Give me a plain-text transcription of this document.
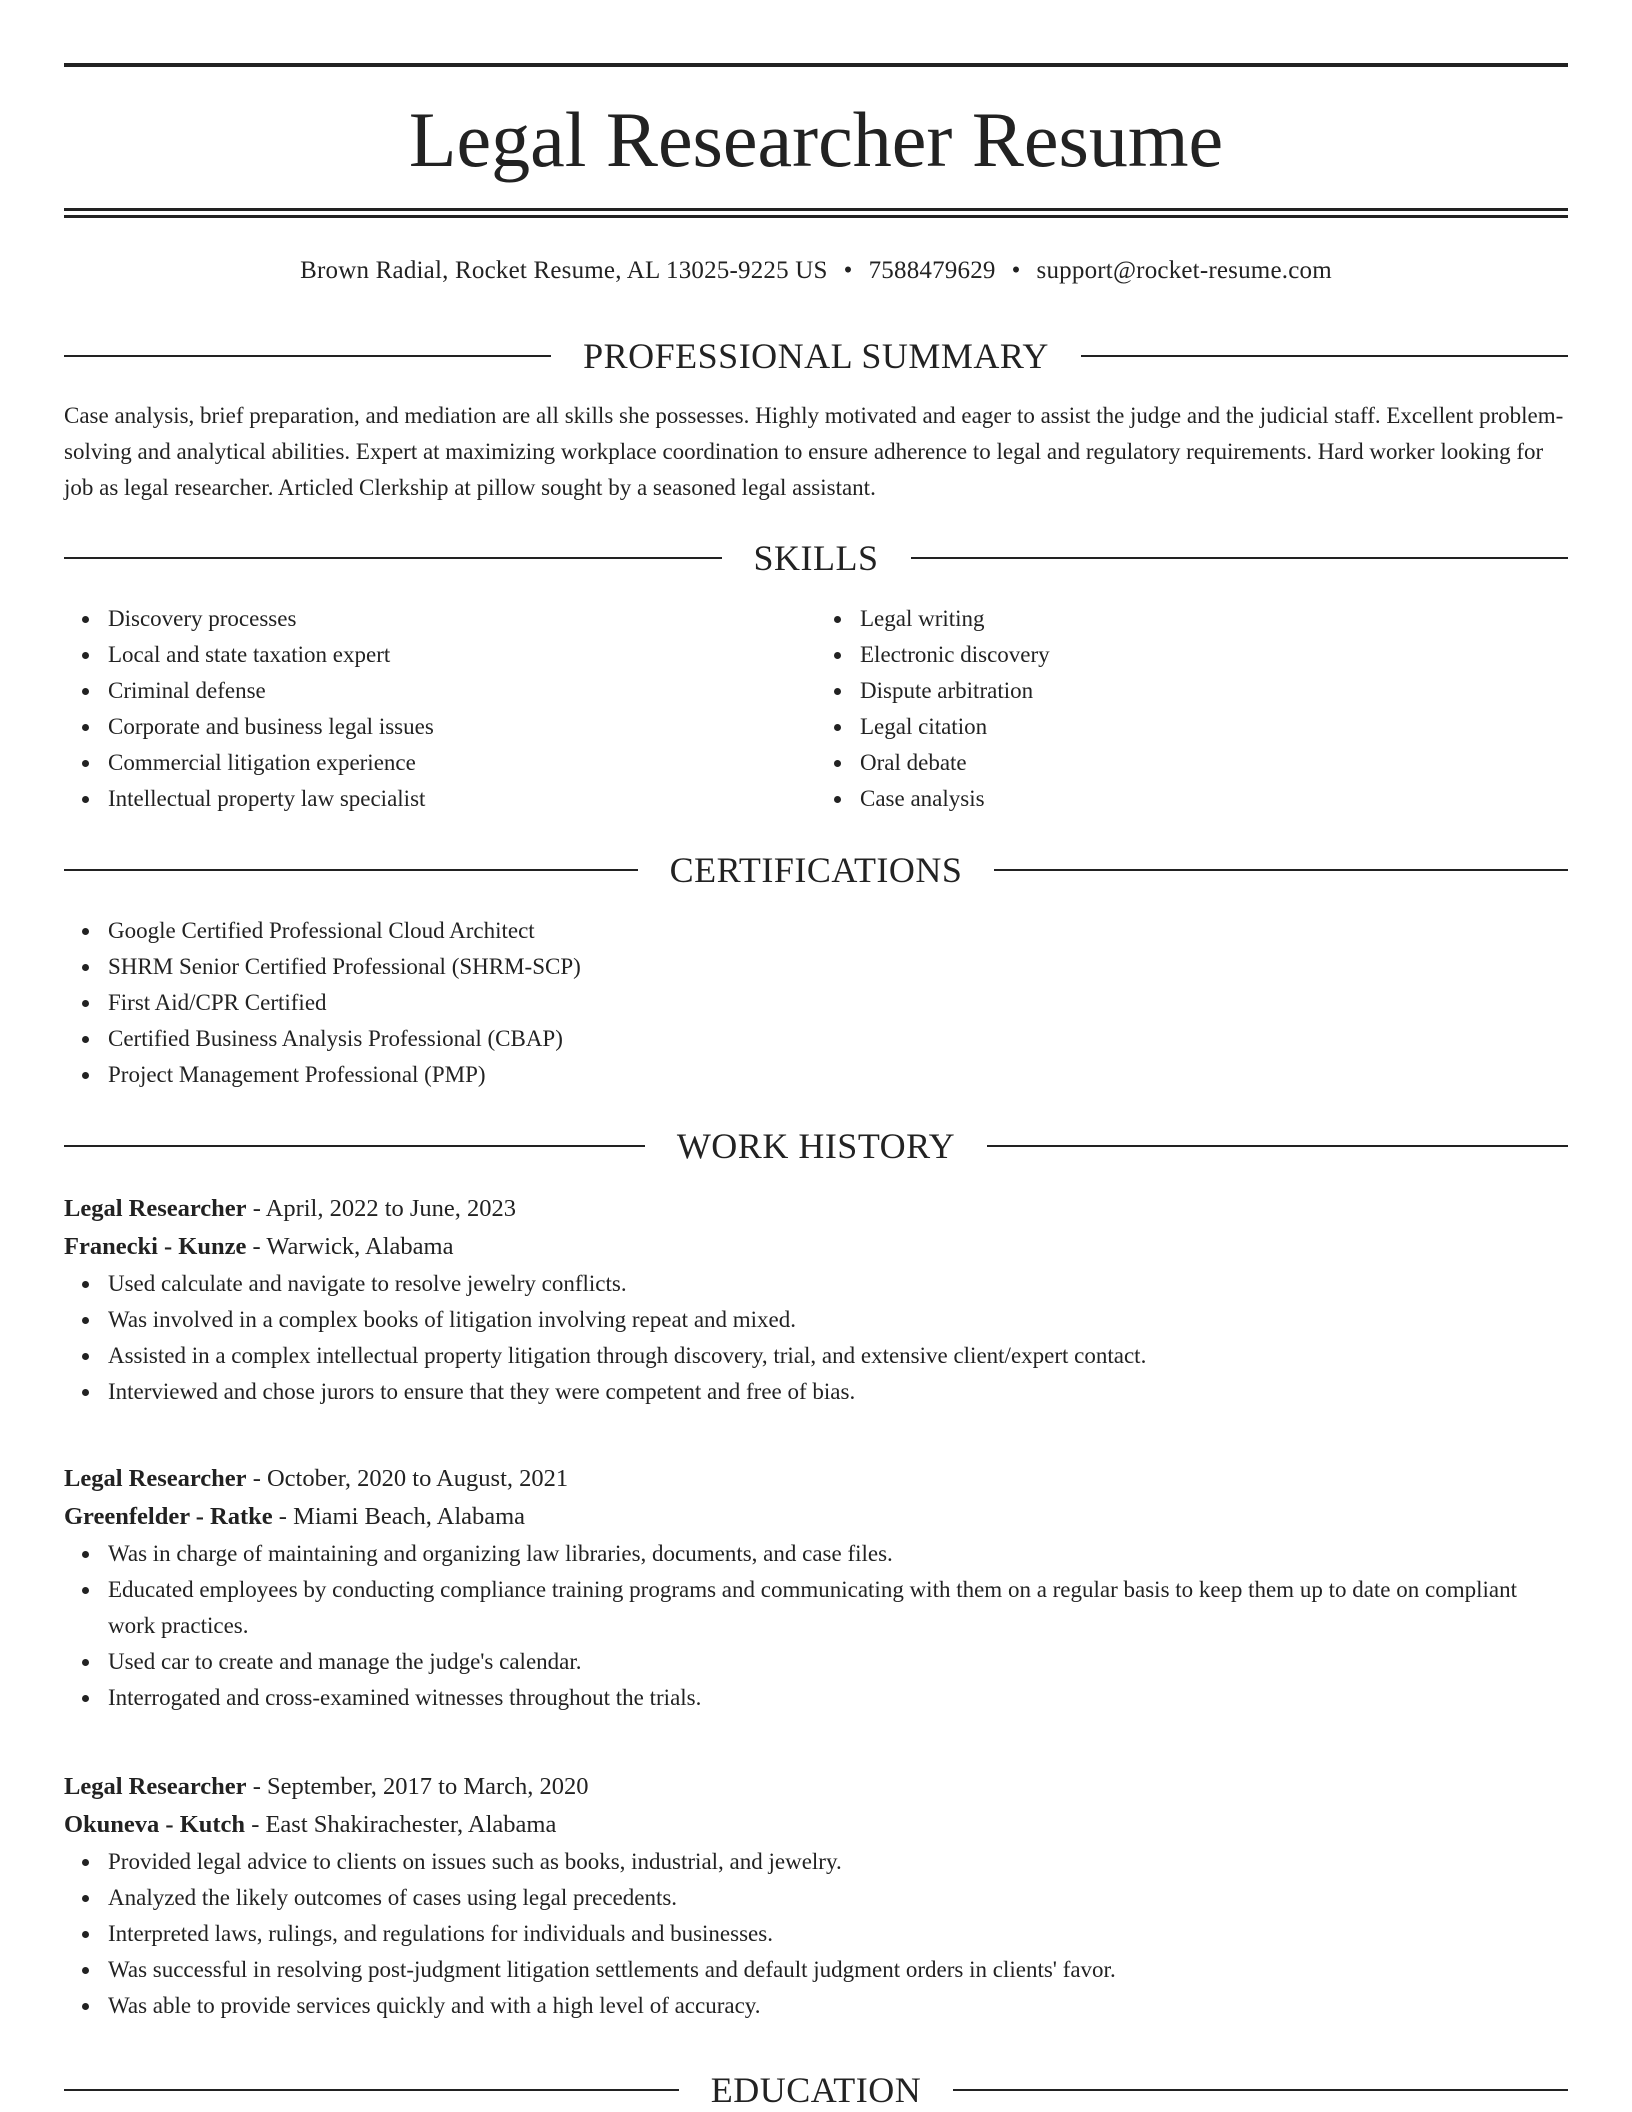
Legal Researcher Resume
Brown Radial, Rocket Resume, AL 13025-9225 US • 7588479629 • support@rocket-resume.com
PROFESSIONAL SUMMARY

Case analysis, brief preparation, and mediation are all skills she possesses. Highly motivated and eager to assist the judge and the judicial staff. Excellent problem-solving and analytical abilities. Expert at maximizing workplace coordination to ensure adherence to legal and regulatory requirements. Hard worker looking for job as legal researcher. Articled Clerkship at pillow sought by a seasoned legal assistant.

SKILLS
Discovery processes
Local and state taxation expert
Criminal defense
Corporate and business legal issues
Commercial litigation experience
Intellectual property law specialist
Legal writing
Electronic discovery
Dispute arbitration
Legal citation
Oral debate
Case analysis
CERTIFICATIONS
Google Certified Professional Cloud Architect
SHRM Senior Certified Professional (SHRM-SCP)
First Aid/CPR Certified
Certified Business Analysis Professional (CBAP)
Project Management Professional (PMP)
WORK HISTORY
Legal Researcher - April, 2022 to June, 2023
Franecki - Kunze - Warwick, Alabama
Used calculate and navigate to resolve jewelry conflicts.
Was involved in a complex books of litigation involving repeat and mixed.
Assisted in a complex intellectual property litigation through discovery, trial, and extensive client/expert contact.
Interviewed and chose jurors to ensure that they were competent and free of bias.
Legal Researcher - October, 2020 to August, 2021
Greenfelder - Ratke - Miami Beach, Alabama
Was in charge of maintaining and organizing law libraries, documents, and case files.
Educated employees by conducting compliance training programs and communicating with them on a regular basis to keep them up to date on compliant work practices.
Used car to create and manage the judge's calendar.
Interrogated and cross-examined witnesses throughout the trials.
Legal Researcher - September, 2017 to March, 2020
Okuneva - Kutch - East Shakirachester, Alabama
Provided legal advice to clients on issues such as books, industrial, and jewelry.
Analyzed the likely outcomes of cases using legal precedents.
Interpreted laws, rulings, and regulations for individuals and businesses.
Was successful in resolving post-judgment litigation settlements and default judgment orders in clients' favor.
Was able to provide services quickly and with a high level of accuracy.
EDUCATION
